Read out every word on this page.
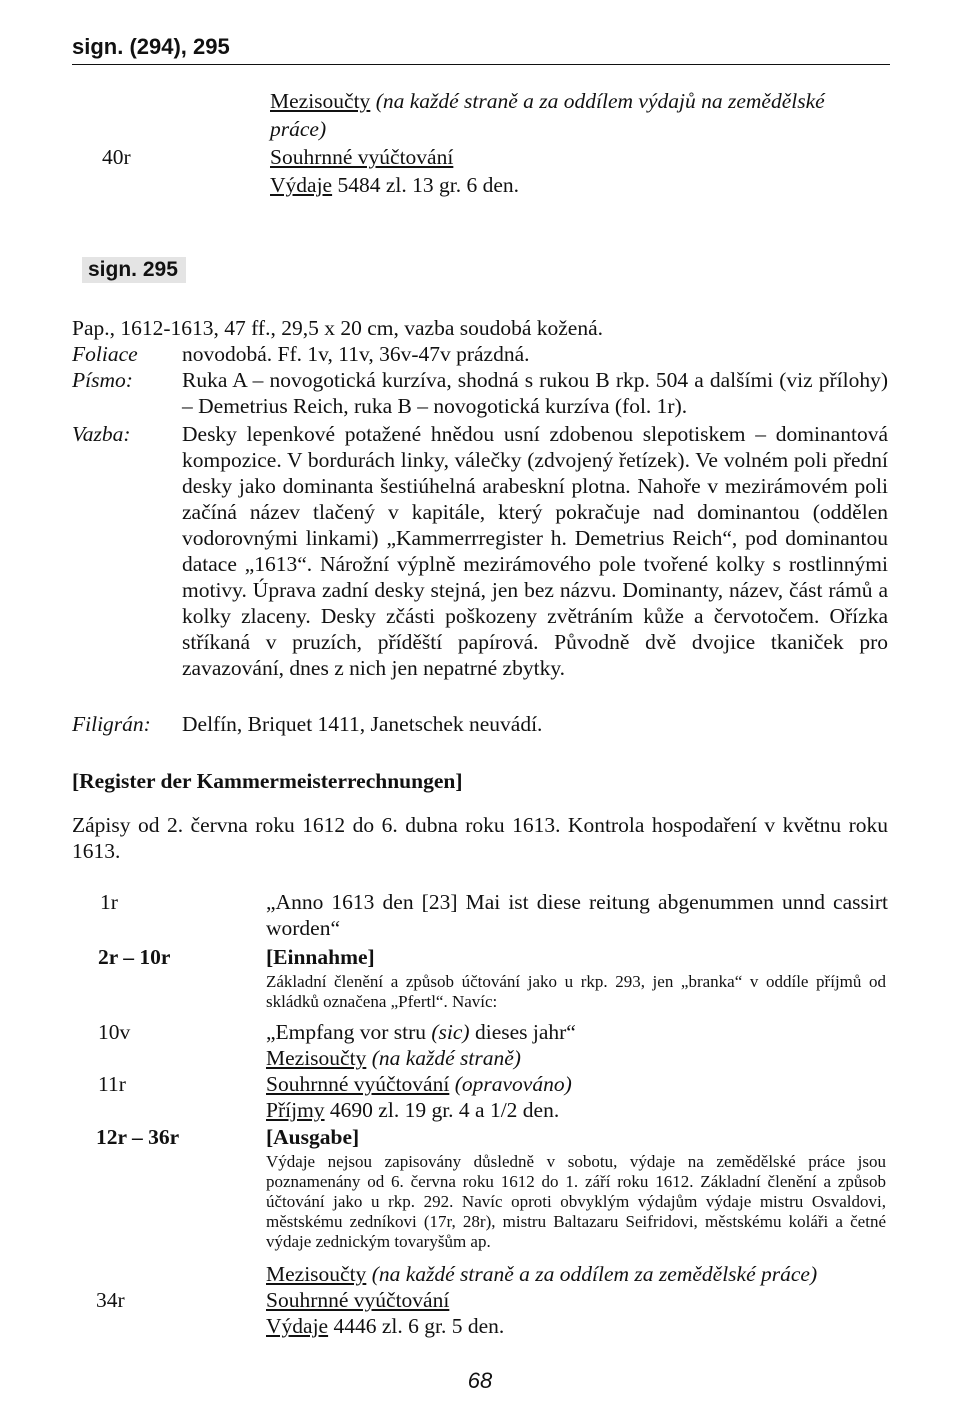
sign. (294), 295
Mezisoučty (na každé straně a za oddílem výdajů na zemědělské
práce)
40r	Souhrnné vyúčtování
Výdaje 5484 zl. 13 gr. 6 den.
sign. 295
Pap., 1612-1613, 47 ff., 29,5 x 20 cm, vazba soudobá kožená.
Foliace novodobá. Ff. 1v, 11v, 36v-47v prázdná.
Písmo: Ruka A – novogotická kurzíva, shodná s rukou B rkp. 504 a dalšími (viz přílohy) – Demetrius Reich, ruka B – novogotická kurzíva (fol. 1r).
Vazba: Desky lepenkové potažené hnědou usní zdobenou slepotiskem – dominantová kompozice. V bordurách linky, válečky (zdvojený řetízek). Ve volném poli přední desky jako dominanta šestiúhelná arabeskní plotna. Nahoře v mezirámovém poli začíná název tlačený v kapitále, který pokračuje nad dominantou (oddělen vodorovnými linkami) „Kammerrregister h. Demetrius Reich“, pod dominantou datace „1613“. Nárožní výplně mezirámového pole tvořené kolky s rostlinnými motivy. Úprava zadní desky stejná, jen bez názvu. Dominanty, název, část rámů a kolky zlaceny. Desky zčásti poškozeny zvětráním kůže a červotočem. Ořízka stříkaná v pruzích, příděští papírová. Původně dvě dvojice tkaniček pro zavazování, dnes z nich jen nepatrné zbytky.
Filigrán: Delfín, Briquet 1411, Janetschek neuvádí.
[Register der Kammermeisterrechnungen]
Zápisy od 2. června roku 1612 do 6. dubna roku 1613. Kontrola hospodaření v květnu roku 1613.
1r	„Anno 1613 den [23] Mai ist diese reitung abgenummen unnd cassirt worden“
2r – 10r	[Einnahme]
Základní členění a způsob účtování jako u rkp. 293, jen „branka“ v oddíle příjmů od skládků označena „Pfertl“. Navíc:
10v	„Empfang vor stru (sic) dieses jahr“
Mezisoučty (na každé straně)
11r	Souhrnné vyúčtování (opravováno)
Příjmy 4690 zl. 19 gr. 4 a 1/2 den.
12r – 36r	[Ausgabe]
Výdaje nejsou zapisovány důsledně v sobotu, výdaje na zemědělské práce jsou poznamenány od 6. června roku 1612 do 1. září roku 1612. Základní členění a způsob účtování jako u rkp. 292. Navíc oproti obvyklým výdajům výdaje mistru Osvaldovi, městskému zedníkovi (17r, 28r), mistru Baltazaru Seifridovi, městskému koláři a četné výdaje zednickým tovaryšům ap.
Mezisoučty (na každé straně a za oddílem za zemědělské práce)
34r	Souhrnné vyúčtování
Výdaje 4446 zl. 6 gr. 5 den.
68
